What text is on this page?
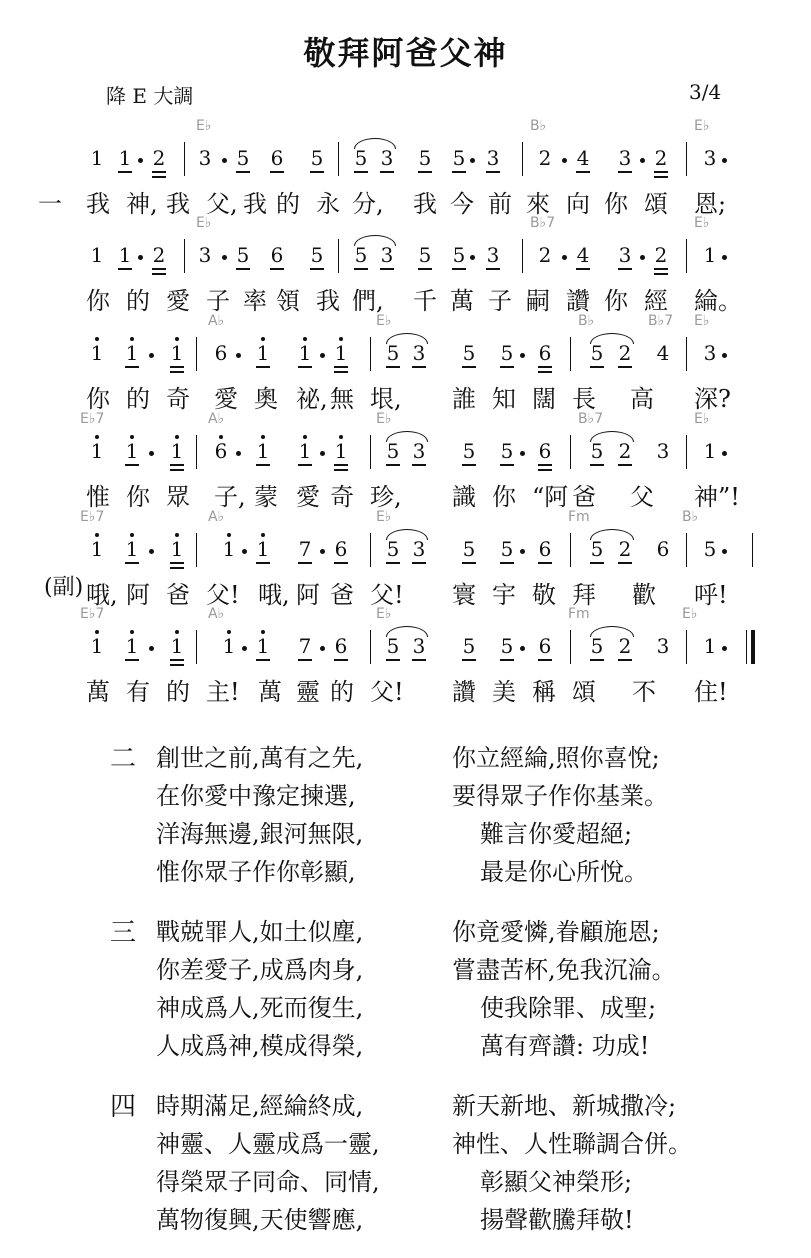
敬拜阿爸父神
降 E 大調	3/4
E♭	B♭	E♭
1 1 2 3 5 6 5 5 3 5 5 3 2 4 3 2 3
一 我 神, 我 父, 我 的 永 分, 我 今 前 來 向 你 頌 恩;
E♭	B♭7	E♭
1 1 2 3 5 6 5 5 3 5 5 3 2 4 3 2 1
你 的 愛 子 率 領 我 們, 千 萬 子 嗣 讚 你 經 綸。
A♭	E♭	B♭	B♭7 E♭
1 1 1 6 1 1 1 5 3 5 5 6 5 2 4 3
你 的 奇 愛 奧 祕, 無 垠, 誰 知 闊 長 高 深?
E♭7	A♭	E♭	B♭7	E♭
1 1 1 6 1 1 1 5 3 5 5 6 5 2 3 1
惟 你 眾 子, 蒙 愛 奇 珍, 識 你 “阿 爸 父 神”!
E♭7	A♭	E♭	Fm	B♭
1 1 1 1 1 7 6 5 3 5 5 6 5 2 6 5
(副) 哦, 阿 爸 父! 哦, 阿 爸 父! 寰 宇 敬 拜 歡 呼!
E♭7	A♭	E♭	Fm	E♭
1 1 1 1 1 7 6 5 3 5 5 6 5 2 3 1
萬 有 的 主! 萬 靈 的 父! 讚 美 稱 頌 不 住!
二 創世之前,萬有之先,	你立經綸,照你喜悅;
在你愛中豫定揀選,	要得眾子作你基業。
洋海無邊,銀河無限,	難言你愛超絕;
惟你眾子作你彰顯,	最是你心所悅。
三 戰兢罪人,如土似塵,	你竟愛憐,眷顧施恩;
你差愛子,成爲肉身,	嘗盡苦杯,免我沉淪。
神成爲人,死而復生,	使我除罪、成聖;
人成爲神,模成得榮,	萬有齊讚: 功成!
四 時期滿足,經綸終成,	新天新地、新城撒冷;
神靈、人靈成爲一靈,	神性、人性聯調合併。
得榮眾子同命、同情,	彰顯父神榮形;
萬物復興,天使響應,	揚聲歡騰拜敬!
